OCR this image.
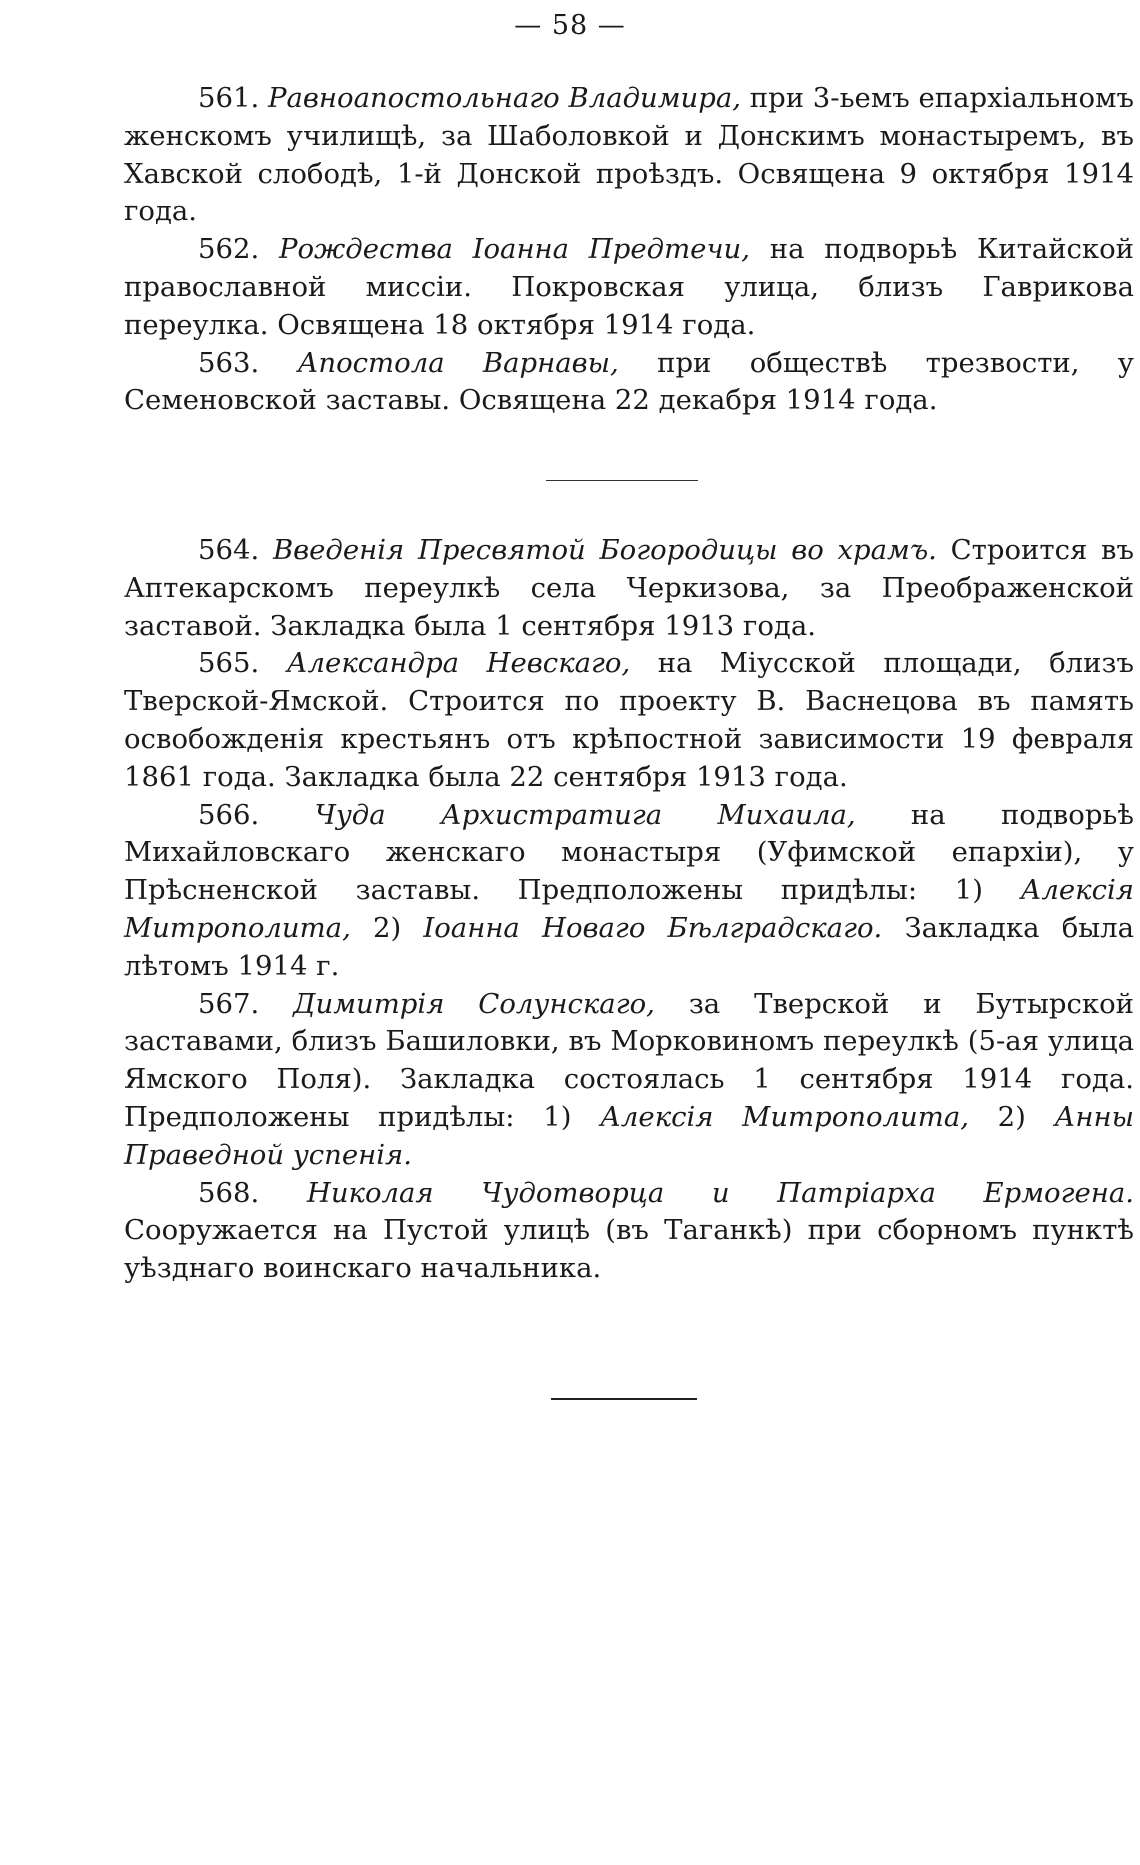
— 58 —

561. Равноапостольнаго Владимира, при 3-ьемъ епархіальномъ женскомъ училищѣ, за Шаболовкой и Донскимъ монастыремъ, въ Хавской слободѣ, 1-й Донской проѣздъ. Освящена 9 октября 1914 года.

562. Рождества Іоанна Предтечи, на подворьѣ Китайской православной миссіи. Покровская улица, близъ Гаврикова переулка. Освящена 18 октября 1914 года.

563. Апостола Варнавы, при обществѣ трезвости, у Семеновской заставы. Освящена 22 декабря 1914 года.

564. Введенія Пресвятой Богородицы во храмъ. Строится въ Аптекарскомъ переулкѣ села Черкизова, за Преображенской заставой. Закладка была 1 сентября 1913 года.

565. Александра Невскаго, на Міусской площади, близъ Тверской-Ямской. Строится по проекту В. Васнецова въ память освобожденія крестьянъ отъ крѣпостной зависимости 19 февраля 1861 года. Закладка была 22 сентября 1913 года.

566. Чуда Архистратига Михаила, на подворьѣ Михайловскаго женскаго монастыря (Уфимской епархіи), у Прѣсненской заставы. Предположены придѣлы: 1) Алексія Митрополита, 2) Іоанна Новаго Бѣлградскаго. Закладка была лѣтомъ 1914 г.

567. Димитрія Солунскаго, за Тверской и Бутырской заставами, близъ Башиловки, въ Морковиномъ переулкѣ (5-ая улица Ямского Поля). Закладка состоялась 1 сентября 1914 года. Предположены придѣлы: 1) Алексія Митрополита, 2) Анны Праведной успенія.

568. Николая Чудотворца и Патріарха Ермогена. Сооружается на Пустой улицѣ (въ Таганкѣ) при сборномъ пунктѣ уѣзднаго воинскаго начальника.
